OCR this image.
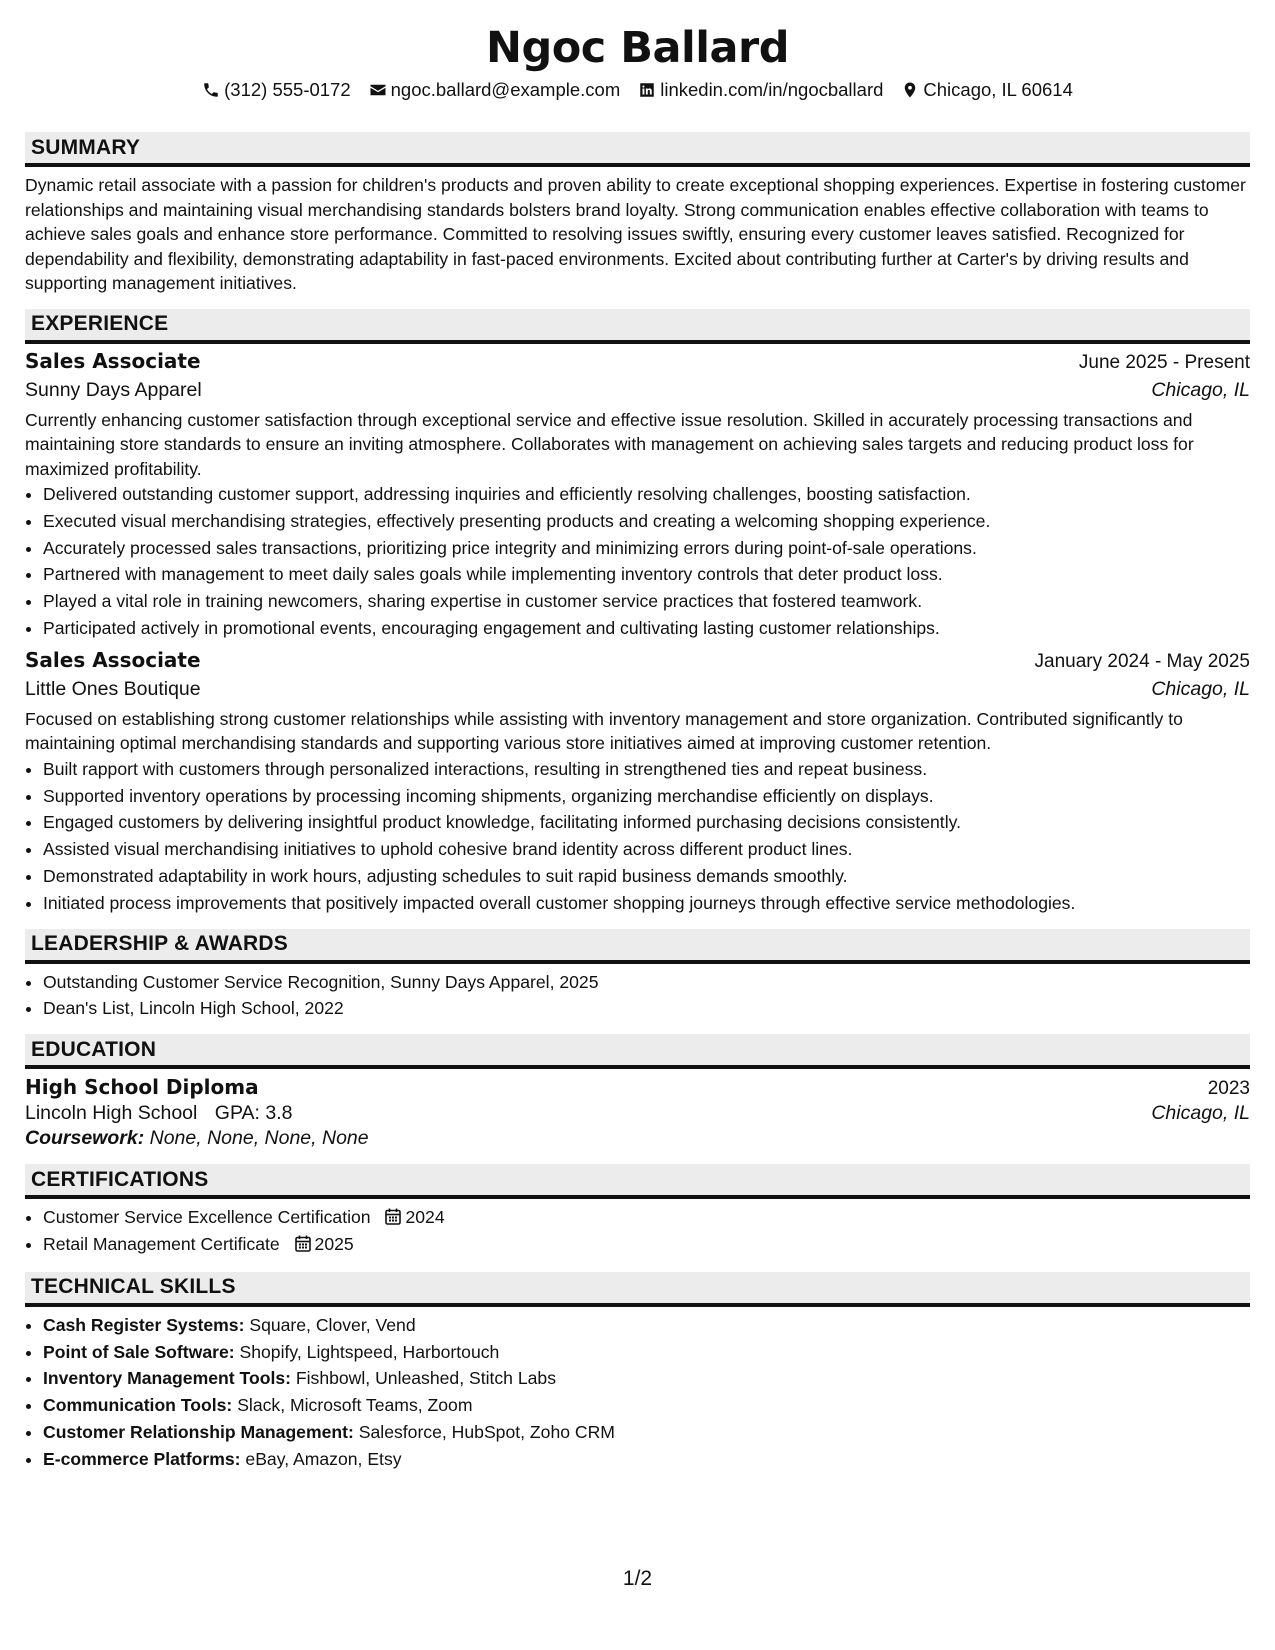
Ngoc Ballard
(312) 555-0172 ngoc.ballard@example.com linkedin.com/in/ngocballard Chicago, IL 60614
SUMMARY

Dynamic retail associate with a passion for children's products and proven ability to create exceptional shopping experiences. Expertise in fostering customer relationships and maintaining visual merchandising standards bolsters brand loyalty. Strong communication enables effective collaboration with teams to achieve sales goals and enhance store performance. Committed to resolving issues swiftly, ensuring every customer leaves satisfied. Recognized for dependability and flexibility, demonstrating adaptability in fast-paced environments. Excited about contributing further at Carter's by driving results and supporting management initiatives.

EXPERIENCE
Sales Associate	June 2025 - Present
Sunny Days Apparel	Chicago, IL

Currently enhancing customer satisfaction through exceptional service and effective issue resolution. Skilled in accurately processing transactions and maintaining store standards to ensure an inviting atmosphere. Collaborates with management on achieving sales targets and reducing product loss for maximized profitability.

• Delivered outstanding customer support, addressing inquiries and efficiently resolving challenges, boosting satisfaction.
• Executed visual merchandising strategies, effectively presenting products and creating a welcoming shopping experience.
• Accurately processed sales transactions, prioritizing price integrity and minimizing errors during point-of-sale operations.
• Partnered with management to meet daily sales goals while implementing inventory controls that deter product loss.
• Played a vital role in training newcomers, sharing expertise in customer service practices that fostered teamwork.
• Participated actively in promotional events, encouraging engagement and cultivating lasting customer relationships.
Sales Associate	January 2024 - May 2025
Little Ones Boutique	Chicago, IL

Focused on establishing strong customer relationships while assisting with inventory management and store organization. Contributed significantly to maintaining optimal merchandising standards and supporting various store initiatives aimed at improving customer retention.

• Built rapport with customers through personalized interactions, resulting in strengthened ties and repeat business.
• Supported inventory operations by processing incoming shipments, organizing merchandise efficiently on displays.
• Engaged customers by delivering insightful product knowledge, facilitating informed purchasing decisions consistently.
• Assisted visual merchandising initiatives to uphold cohesive brand identity across different product lines.
• Demonstrated adaptability in work hours, adjusting schedules to suit rapid business demands smoothly.
• Initiated process improvements that positively impacted overall customer shopping journeys through effective service methodologies.
LEADERSHIP & AWARDS
• Outstanding Customer Service Recognition, Sunny Days Apparel, 2025
• Dean's List, Lincoln High School, 2022
EDUCATION
High School Diploma	2023
Lincoln High School GPA: 3.8	Chicago, IL
Coursework: None, None, None, None
CERTIFICATIONS
• Customer Service Excellence Certification 2024
• Retail Management Certificate 2025
TECHNICAL SKILLS
• Cash Register Systems: Square, Clover, Vend
• Point of Sale Software: Shopify, Lightspeed, Harbortouch
• Inventory Management Tools: Fishbowl, Unleashed, Stitch Labs
• Communication Tools: Slack, Microsoft Teams, Zoom
• Customer Relationship Management: Salesforce, HubSpot, Zoho CRM
• E-commerce Platforms: eBay, Amazon, Etsy
1/2
